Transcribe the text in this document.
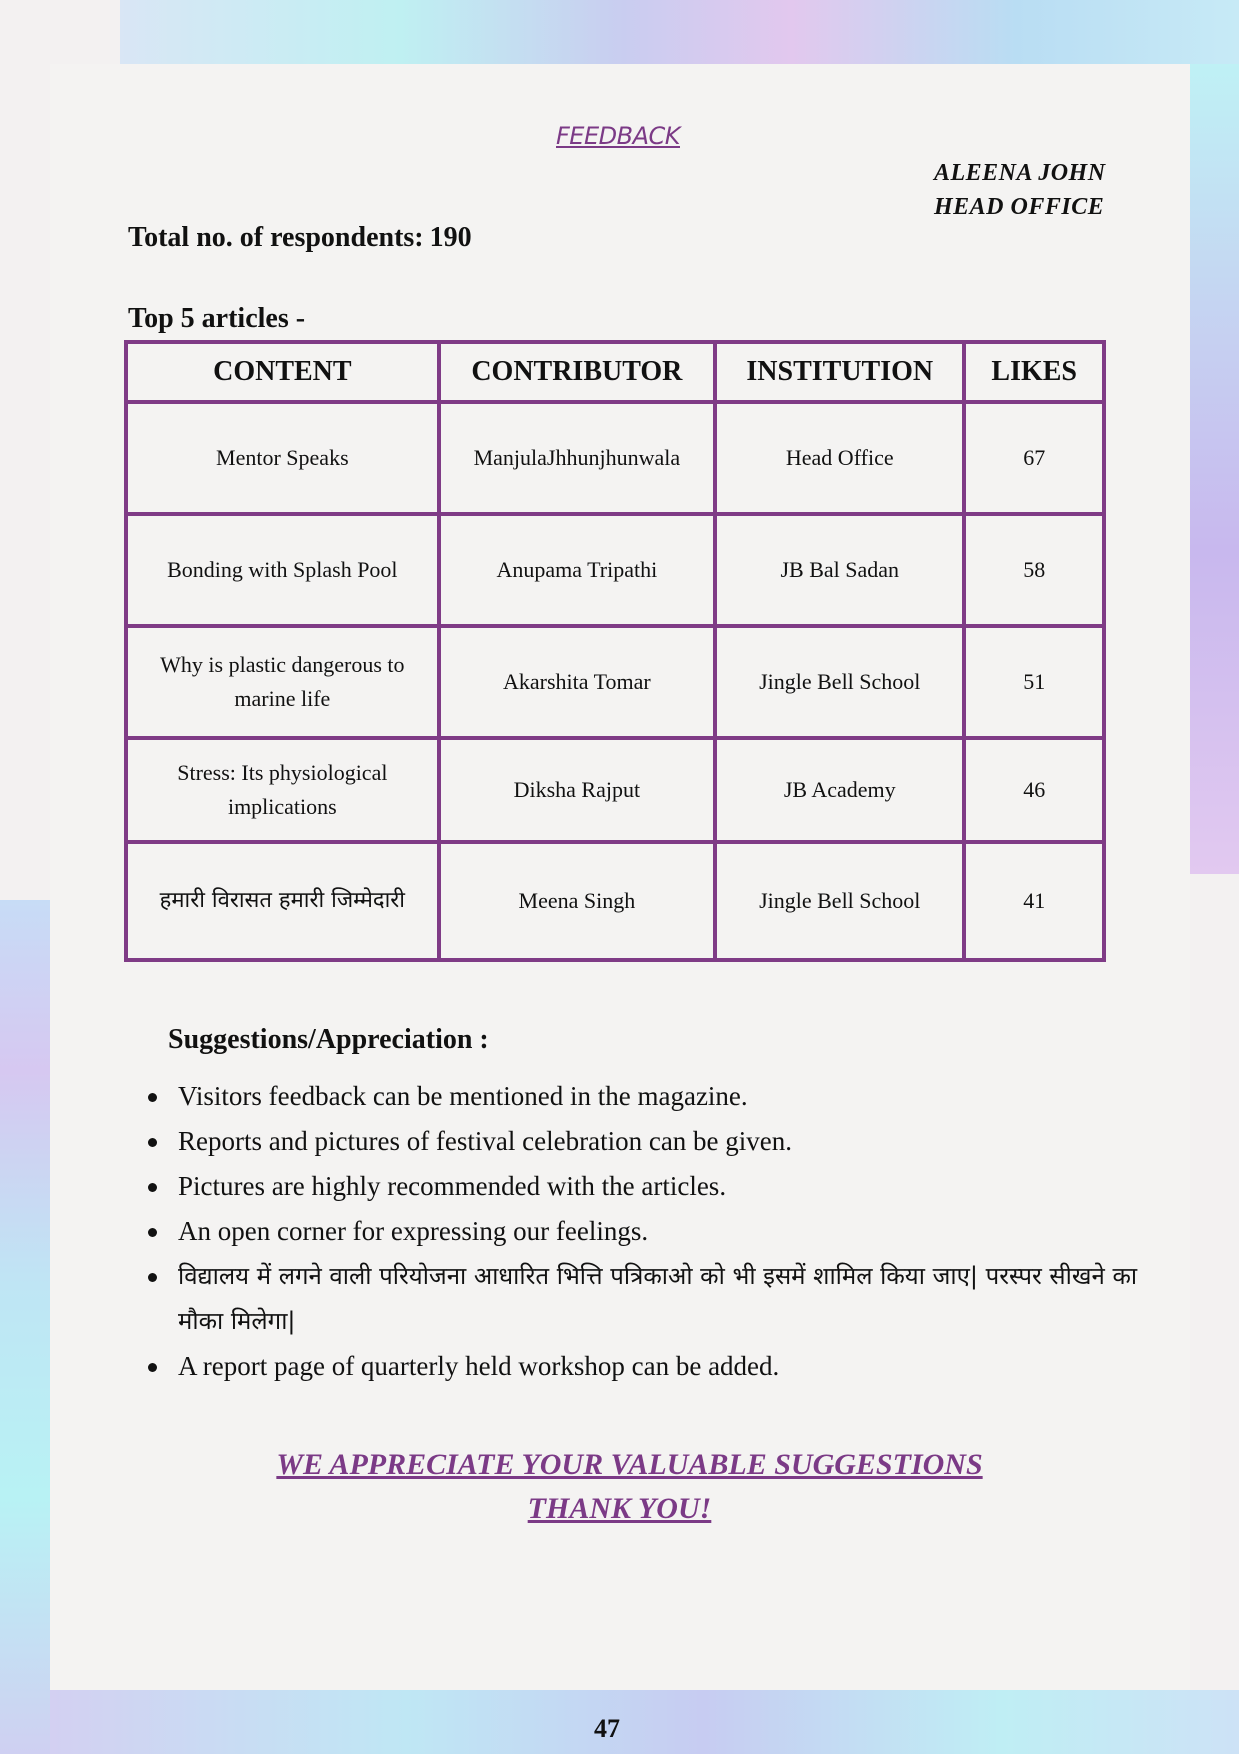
FEEDBACK
ALEENA JOHN
HEAD OFFICE
Total no. of respondents: 190
Top 5 articles -
CONTENT	CONTRIBUTOR	INSTITUTION	LIKES
Mentor Speaks	ManjulaJhhunjhunwala	Head Office	67
Bonding with Splash Pool	Anupama Tripathi	JB Bal Sadan	58
Why is plastic dangerous to marine life	Akarshita Tomar	Jingle Bell School	51
Stress: Its physiological implications	Diksha Rajput	JB Academy	46
हमारी विरासत हमारी जिम्मेदारी	Meena Singh	Jingle Bell School	41
Suggestions/Appreciation :
Visitors feedback can be mentioned in the magazine.
Reports and pictures of festival celebration can be given.
Pictures are highly recommended with the articles.
An open corner for expressing our feelings.
विद्यालय में लगने वाली परियोजना आधारित भित्ति पत्रिकाओ को भी इसमें शामिल किया जाए| परस्पर सीखने का मौका मिलेगा|
A report page of quarterly held workshop can be added.
WE APPRECIATE YOUR VALUABLE SUGGESTIONS
THANK YOU!
47
